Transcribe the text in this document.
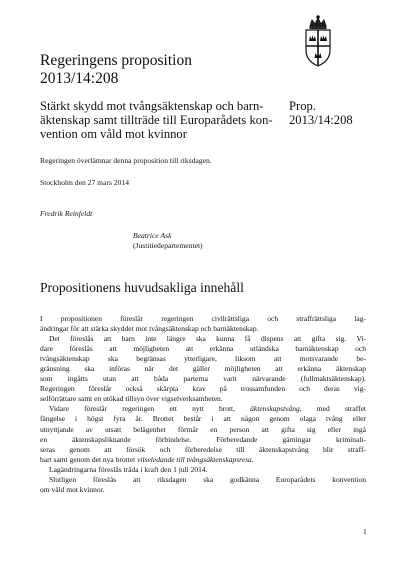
Regeringens proposition
2013/14:208
Stärkt skydd mot tvångsäktenskap och barn-
äktenskap samt tillträde till Europarådets kon-
vention om våld mot kvinnor
Prop.
2013/14:208
Regeringen överlämnar denna proposition till riksdagen.
Stockholm den 27 mars 2014
Fredrik Reinfeldt
Beatrice Ask
(Justitiedepartementet)
Propositionens huvudsakliga innehåll

I propositionen föreslår regeringen civilrättsliga och straffrättsliga lag-
ändringar för att stärka skyddet mot tvångsäktenskap och barnäktenskap.

Det föreslås att barn inte längre ska kunna få dispens att gifta sig. Vi-
dare föreslås att möjligheten att erkänna utländska barnäktenskap och
tvångsäktenskap ska begränsas ytterligare, liksom att motsvarande be-
gränsning ska införas när det gäller möjligheten att erkänna äktenskap
som ingåtts utan att båda parterna varit närvarande (fullmaktsäktenskap).
Regeringen föreslår också skärpta krav på trossamfunden och deras vig-
selförrättare samt en utökad tillsyn över vigselverksamheten.

Vidare föreslår regeringen ett nytt brott, äktenskapstvång, med straffet
fängelse i högst fyra år. Brottet består i att någon genom olaga tvång eller
utnyttjande av utsatt belägenhet förmår en person att gifta sig eller ingå
en äktenskapsliknande förbindelse. Förberedande gärningar kriminali-
seras genom att försök och förberedelse till äktenskapstvång blir straff-
bart samt genom det nya brottet vilseledande till tvångsäktenskapsresa.

Lagändringarna föreslås träda i kraft den 1 juli 2014.

Slutligen föreslås att riksdagen ska godkänna Europarådets konvention
om våld mot kvinnor.

1
